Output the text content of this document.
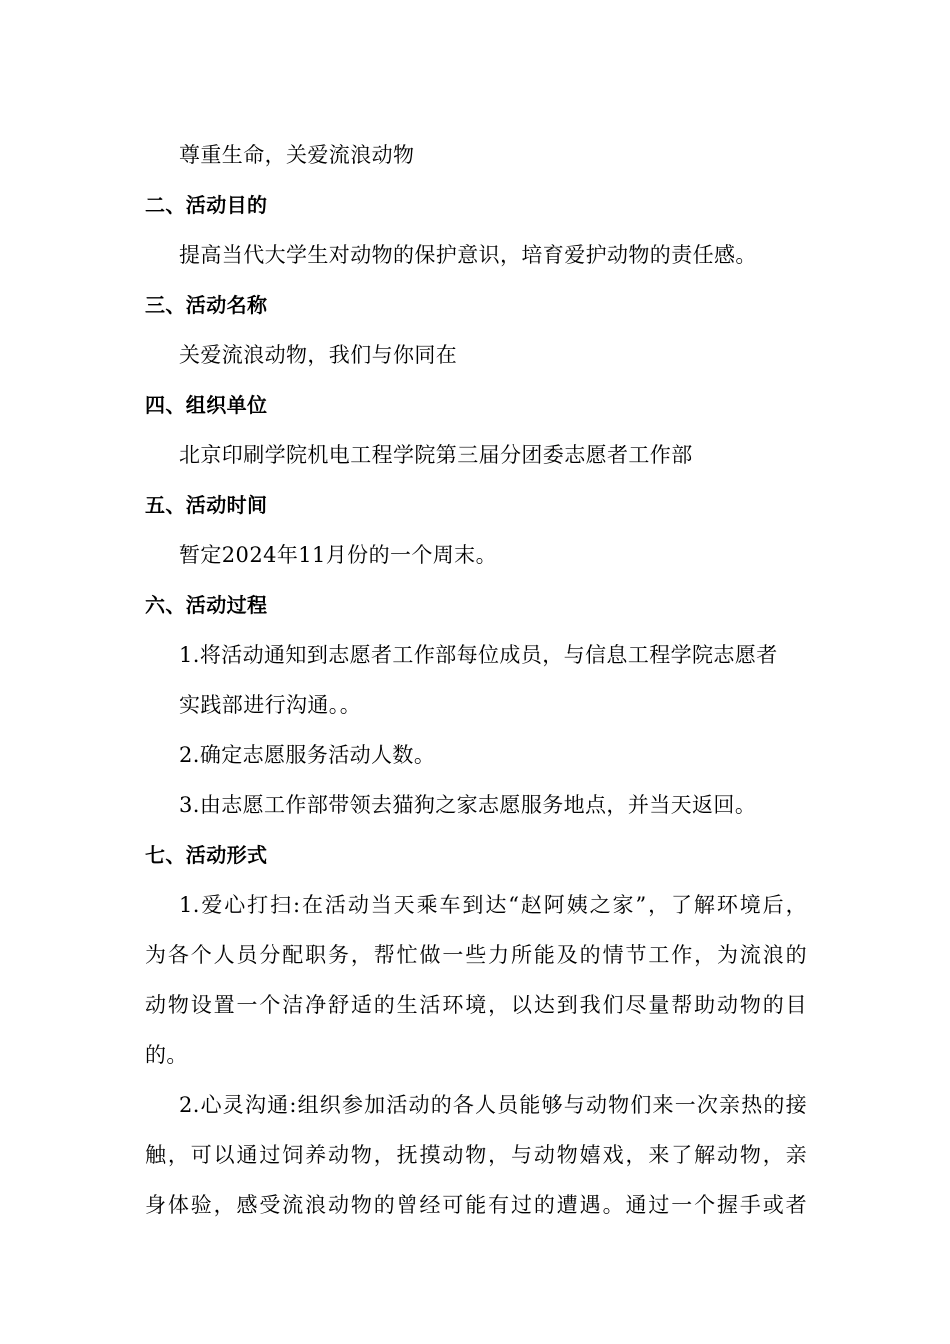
尊重生命，关爱流浪动物
二、活动目的
提高当代大学生对动物的保护意识，培育爱护动物的责任感。
三、活动名称
关爱流浪动物，我们与你同在
四、组织单位
北京印刷学院机电工程学院第三届分团委志愿者工作部
五、活动时间
暂定2024年11月份的一个周末。
六、活动过程
1.将活动通知到志愿者工作部每位成员，与信息工程学院志愿者
实践部进行沟通。。
2.确定志愿服务活动人数。
3.由志愿工作部带领去猫狗之家志愿服务地点，并当天返回。
七、活动形式
1.爱心打扫:在活动当天乘车到达“赵阿姨之家”，了解环境后，
为各个人员分配职务，帮忙做一些力所能及的情节工作，为流浪的
动物设置一个洁净舒适的生活环境，以达到我们尽量帮助动物的目
的。
2.心灵沟通:组织参加活动的各人员能够与动物们来一次亲热的接
触，可以通过饲养动物，抚摸动物，与动物嬉戏，来了解动物，亲
身体验，感受流浪动物的曾经可能有过的遭遇。通过一个握手或者
